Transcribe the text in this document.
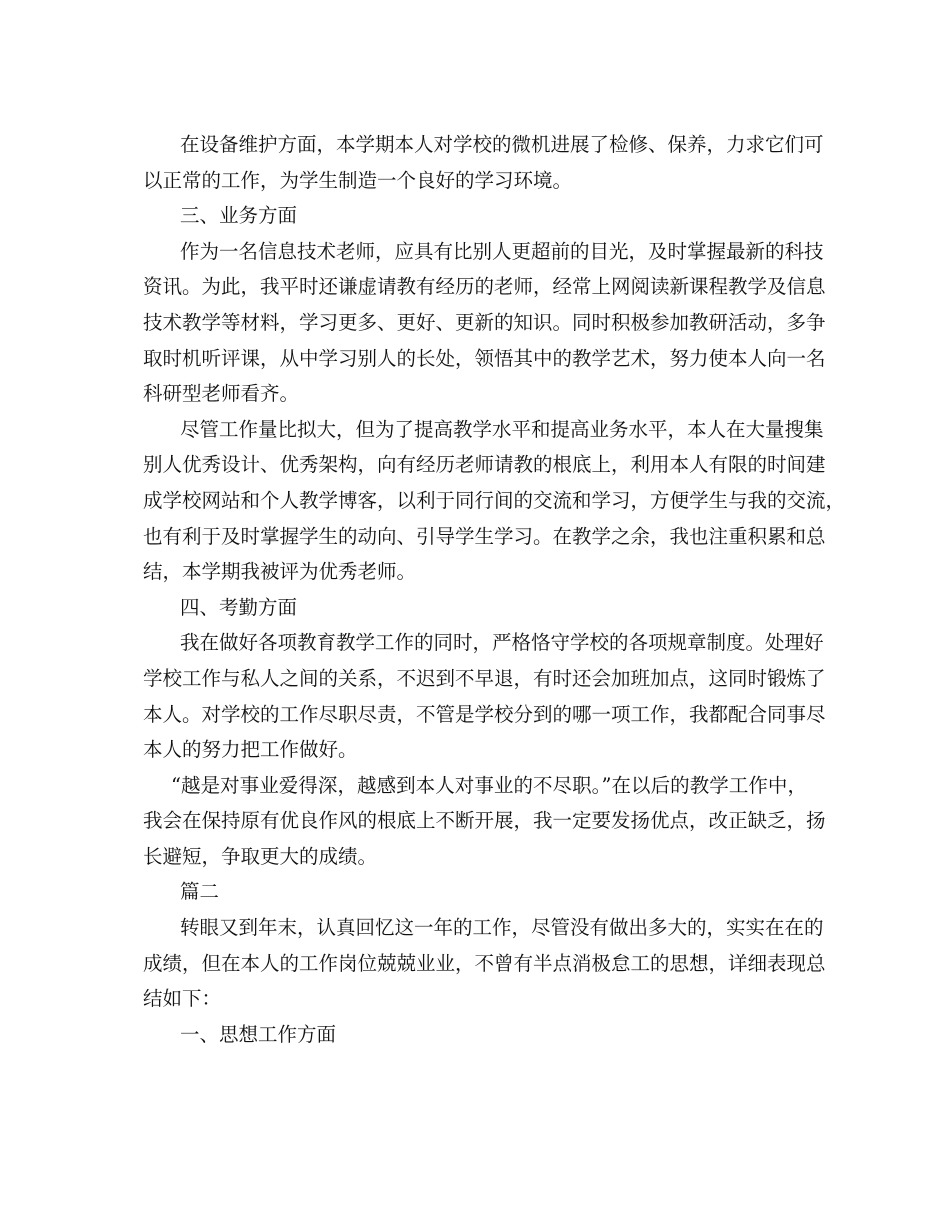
在设备维护方面，本学期本人对学校的微机进展了检修、保养，力求它们可
以正常的工作，为学生制造一个良好的学习环境。
三、业务方面
作为一名信息技术老师，应具有比别人更超前的目光，及时掌握最新的科技
资讯。为此，我平时还谦虚请教有经历的老师，经常上网阅读新课程教学及信息
技术教学等材料，学习更多、更好、更新的知识。同时积极参加教研活动，多争
取时机听评课，从中学习别人的长处，领悟其中的教学艺术，努力使本人向一名
科研型老师看齐。
尽管工作量比拟大，但为了提高教学水平和提高业务水平，本人在大量搜集
别人优秀设计、优秀架构，向有经历老师请教的根底上，利用本人有限的时间建
成学校网站和个人教学博客，以利于同行间的交流和学习，方便学生与我的交流，
也有利于及时掌握学生的动向、引导学生学习。在教学之余，我也注重积累和总
结，本学期我被评为优秀老师。
四、考勤方面
我在做好各项教育教学工作的同时，严格恪守学校的各项规章制度。处理好
学校工作与私人之间的关系，不迟到不早退，有时还会加班加点，这同时锻炼了
本人。对学校的工作尽职尽责，不管是学校分到的哪一项工作，我都配合同事尽
本人的努力把工作做好。
“越是对事业爱得深，越感到本人对事业的不尽职。”在以后的教学工作中，
我会在保持原有优良作风的根底上不断开展，我一定要发扬优点，改正缺乏，扬
长避短，争取更大的成绩。
篇二
转眼又到年末，认真回忆这一年的工作，尽管没有做出多大的，实实在在的
成绩，但在本人的工作岗位兢兢业业，不曾有半点消极怠工的思想，详细表现总
结如下：
一、思想工作方面
